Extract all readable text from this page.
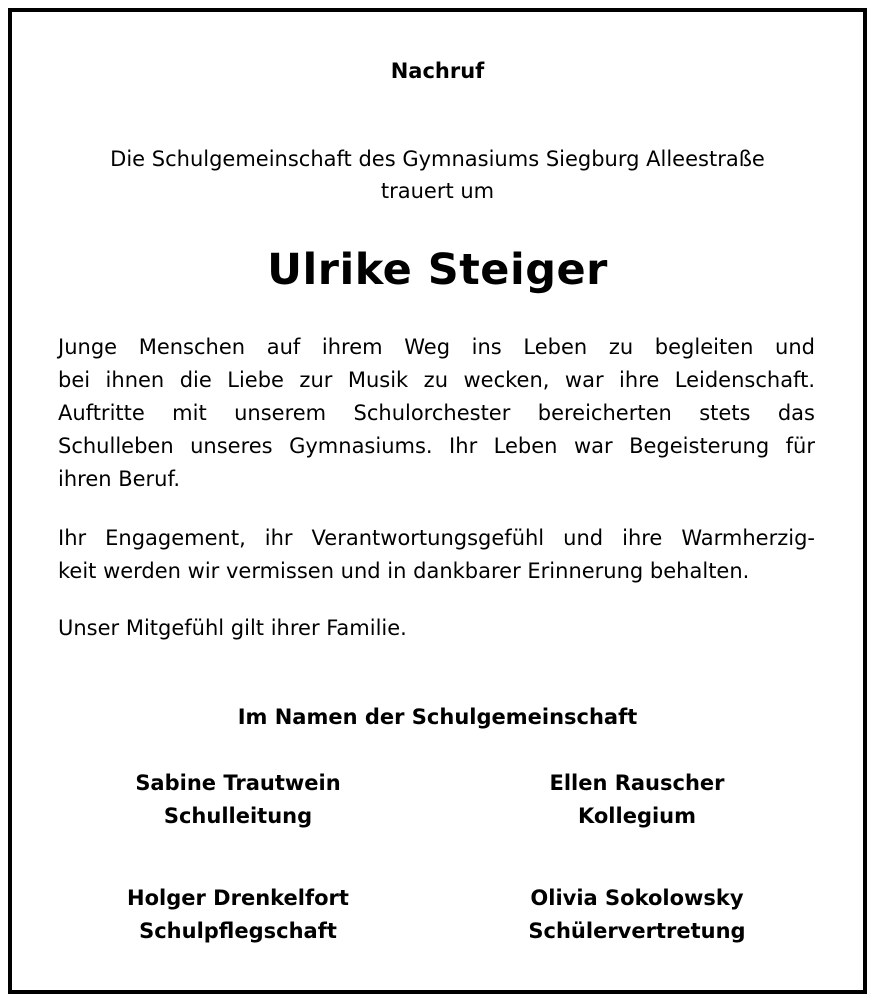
Nachruf
Die Schulgemeinschaft des Gymnasiums Siegburg Alleestraße
trauert um
Ulrike Steiger
Junge Menschen auf ihrem Weg ins Leben zu begleiten und
bei ihnen die Liebe zur Musik zu wecken, war ihre Leidenschaft.
Auftritte mit unserem Schulorchester bereicherten stets das
Schulleben unseres Gymnasiums. Ihr Leben war Begeisterung für
ihren Beruf.
Ihr Engagement, ihr Verantwortungsgefühl und ihre Warmherzig-
keit werden wir vermissen und in dankbarer Erinnerung behalten.
Unser Mitgefühl gilt ihrer Familie.
Im Namen der Schulgemeinschaft
Sabine Trautwein
Schulleitung
Ellen Rauscher
Kollegium
Holger Drenkelfort
Schulpflegschaft
Olivia Sokolowsky
Schülervertretung
